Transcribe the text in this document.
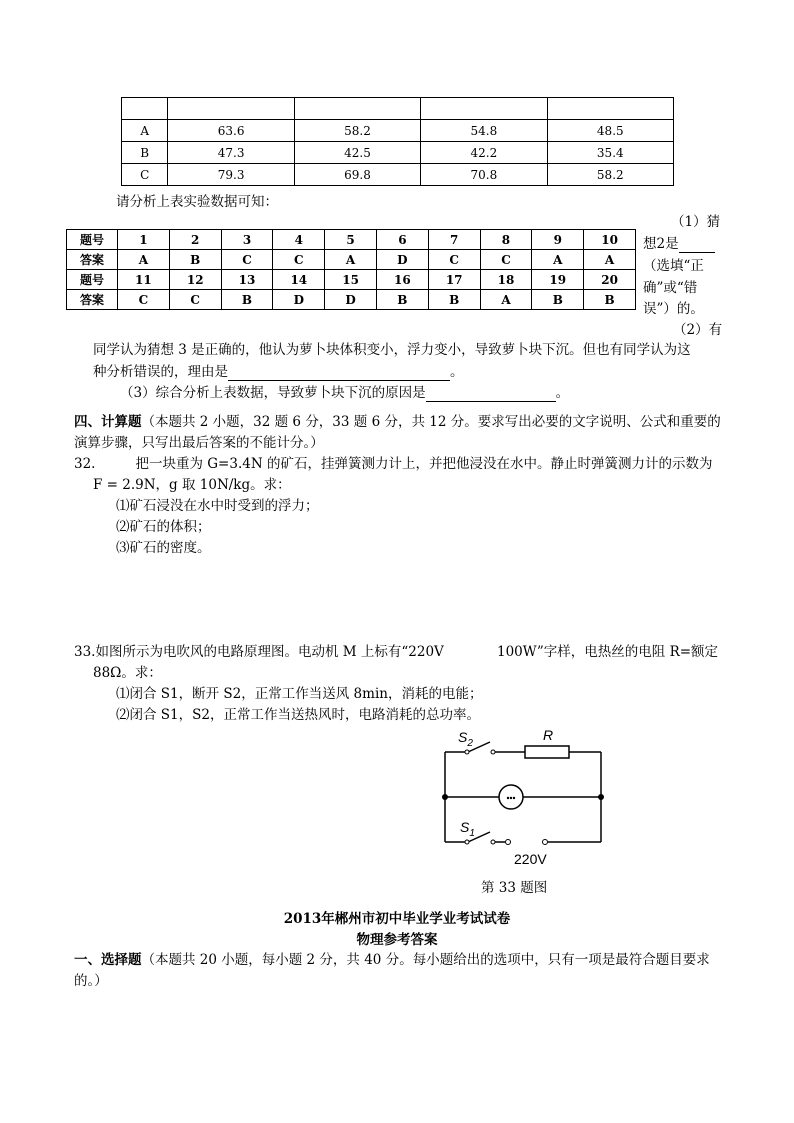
A	63.6	58.2	54.8	48.5
B	47.3	42.5	42.2	35.4
C	79.3	69.8	70.8	58.2
请分析上表实验数据可知：
（1）猜
想2是
（选填“正
确”或“错
误”）的。
（2）有
题号	1	2	3	4	5	6	7	8	9	10
答案	A	B	C	C	A	D	C	C	A	A
题号	11	12	13	14	15	16	17	18	19	20
答案	C	C	B	D	D	B	B	A	B	B
同学认为猜想 3 是正确的，他认为萝卜块体积变小，浮力变小，导致萝卜块下沉。但也有同学认为这
种分析错误的，理由是	。
（3）综合分析上表数据，导致萝卜块下沉的原因是	。
四、计算题（本题共 2 小题，32 题 6 分，33 题 6 分，共 12 分。要求写出必要的文字说明、公式和重要的
演算步骤，只写出最后答案的不能计分。）
32.	把一块重为 G=3.4N 的矿石，挂弹簧测力计上，并把他浸没在水中。静止时弹簧测力计的示数为
F = 2.9N，g 取 10N/kg。求：
⑴矿石浸没在水中时受到的浮力；
⑵矿石的体积；
⑶矿石的密度。
33.如图所示为电吹风的电路原理图。电动机 M 上标有“220V	100W”字样，电热丝的电阻 R=额定
88Ω。求：
⑴闭合 S1，断开 S2，正常工作当送风 8min，消耗的电能；
⑵闭合 S1，S2，正常工作当送热风时，电路消耗的总功率。
$S_2$
R
$S_1$
220V
第 33 题图
2013年郴州市初中毕业学业考试试卷
物理参考答案
一、选择题（本题共 20 小题，每小题 2 分，共 40 分。每小题给出的选项中，只有一项是最符合题目要求
的。）
